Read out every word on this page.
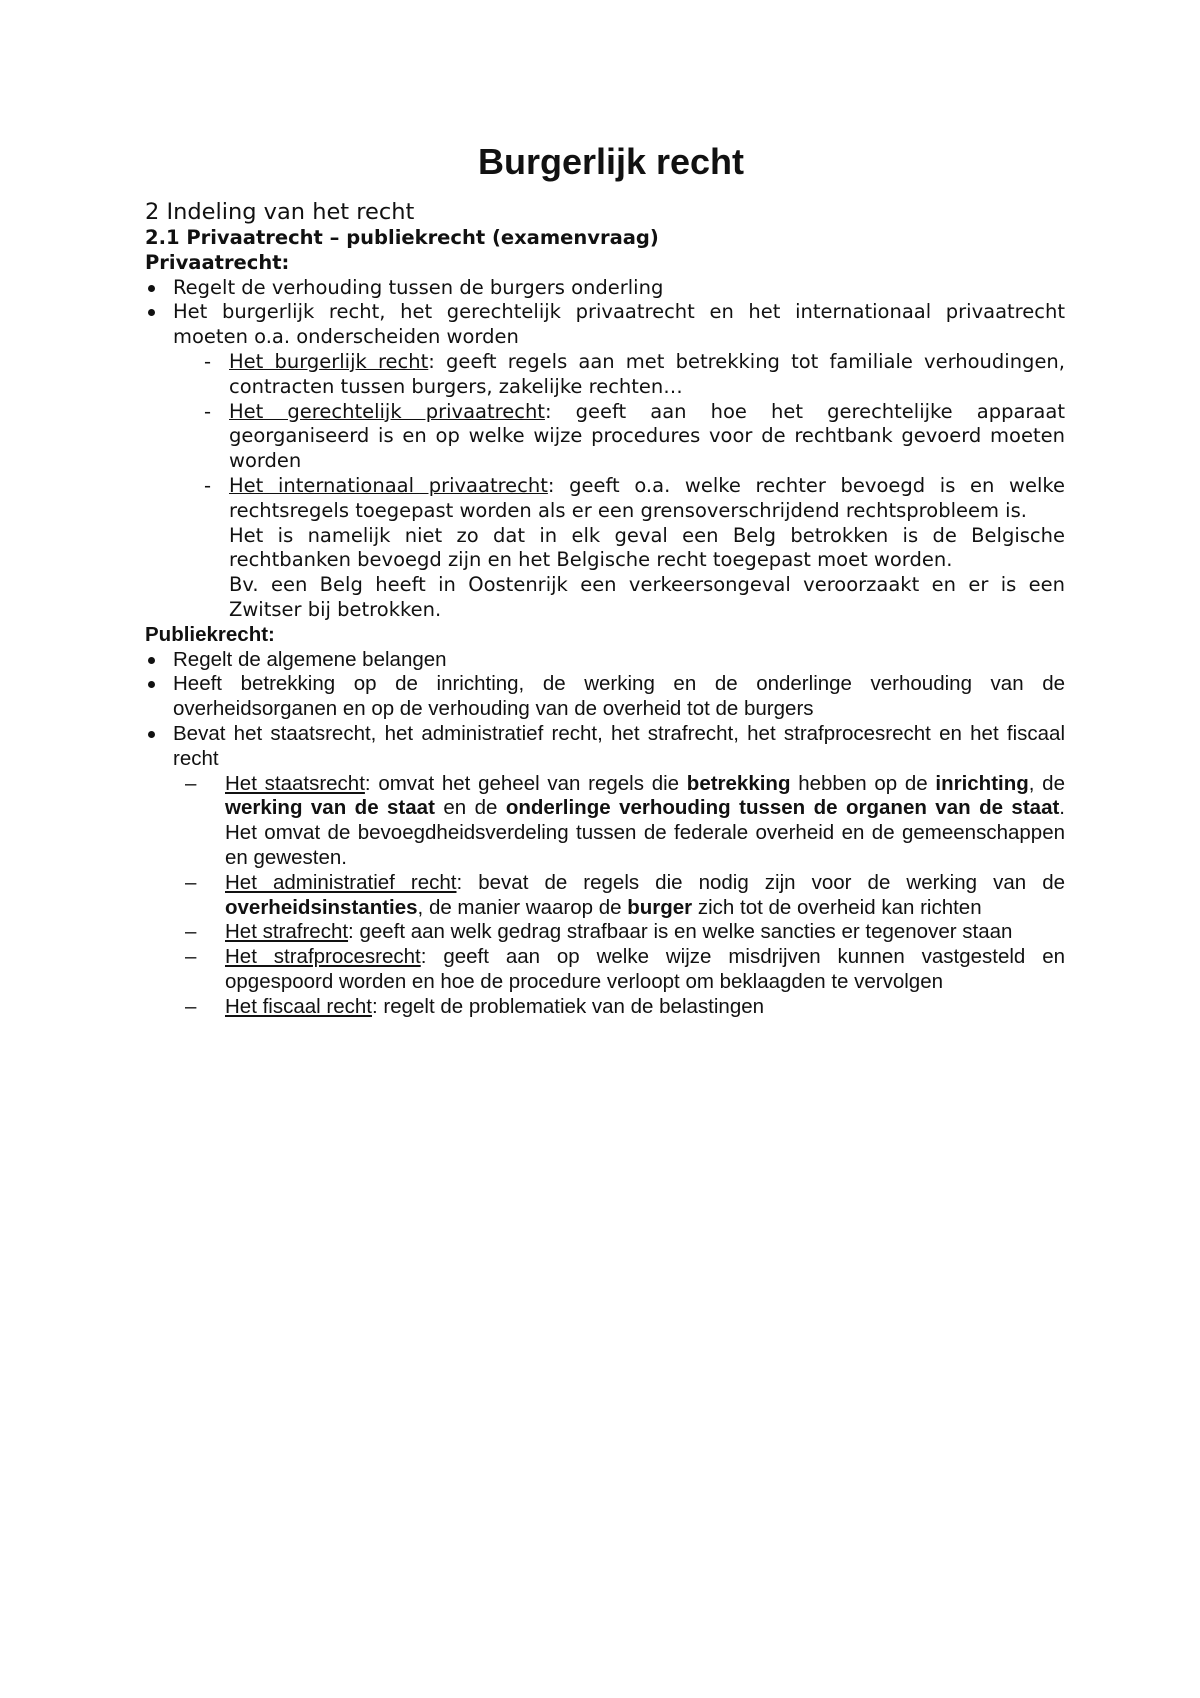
Burgerlijk recht
2 Indeling van het recht
2.1 Privaatrecht – publiekrecht (examenvraag)
Privaatrecht:
Regelt de verhouding tussen de burgers onderling
Het burgerlijk recht, het gerechtelijk privaatrecht en het internationaal privaatrecht moeten o.a. onderscheiden worden
- Het burgerlijk recht: geeft regels aan met betrekking tot familiale verhoudingen, contracten tussen burgers, zakelijke rechten…
- Het gerechtelijk privaatrecht: geeft aan hoe het gerechtelijke apparaat georganiseerd is en op welke wijze procedures voor de rechtbank gevoerd moeten worden
- Het internationaal privaatrecht: geeft o.a. welke rechter bevoegd is en welke rechtsregels toegepast worden als er een grensoverschrijdend rechtsprobleem is.
Het is namelijk niet zo dat in elk geval een Belg betrokken is de Belgische rechtbanken bevoegd zijn en het Belgische recht toegepast moet worden.
Bv. een Belg heeft in Oostenrijk een verkeersongeval veroorzaakt en er is een Zwitser bij betrokken.
Publiekrecht:
Regelt de algemene belangen
Heeft betrekking op de inrichting, de werking en de onderlinge verhouding van de overheidsorganen en op de verhouding van de overheid tot de burgers
Bevat het staatsrecht, het administratief recht, het strafrecht, het strafprocesrecht en het fiscaal recht
– Het staatsrecht: omvat het geheel van regels die betrekking hebben op de inrichting, de werking van de staat en de onderlinge verhouding tussen de organen van de staat. Het omvat de bevoegdheidsverdeling tussen de federale overheid en de gemeenschappen en gewesten.
– Het administratief recht: bevat de regels die nodig zijn voor de werking van de overheidsinstanties, de manier waarop de burger zich tot de overheid kan richten
– Het strafrecht: geeft aan welk gedrag strafbaar is en welke sancties er tegenover staan
– Het strafprocesrecht: geeft aan op welke wijze misdrijven kunnen vastgesteld en opgespoord worden en hoe de procedure verloopt om beklaagden te vervolgen
– Het fiscaal recht: regelt de problematiek van de belastingen
